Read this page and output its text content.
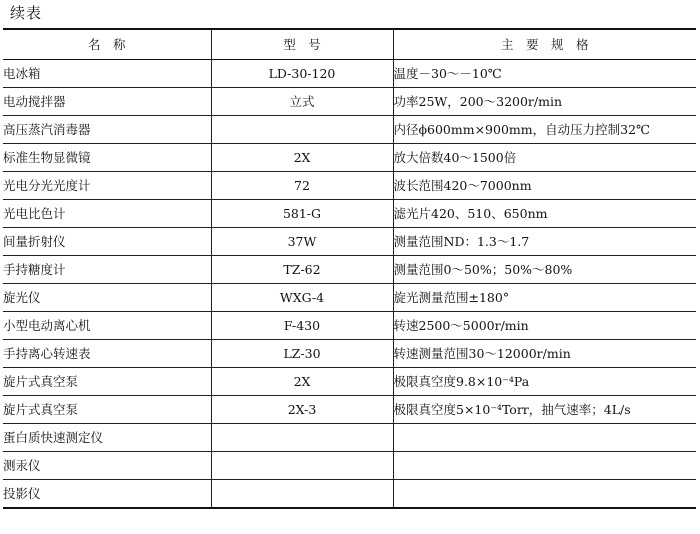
续表
名　称	型　号	主　要　规　格
电冰箱	LD-30-120	温度－30～－10℃
电动搅拌器	立式	功率25W，200～3200r/min
高压蒸汽消毒器		内径ϕ600mm×900mm，自动压力控制32℃
标准生物显微镜	2X	放大倍数40～1500倍
光电分光光度计	72	波长范围420～7000nm
光电比色计	581-G	滤光片420、510、650nm
间量折射仪	37W	测量范围ND：1.3～1.7
手持糖度计	TZ-62	测量范围0～50%；50%～80%
旋光仪	WXG-4	旋光测量范围±180°
小型电动离心机	F-430	转速2500～5000r/min
手持离心转速表	LZ-30	转速测量范围30～12000r/min
旋片式真空泵	2X	极限真空度9.8×10⁻⁴Pa
旋片式真空泵	2X-3	极限真空度5×10⁻⁴Torr，抽气速率；4L/s
蛋白质快速测定仪		
测汞仪		
投影仪		
